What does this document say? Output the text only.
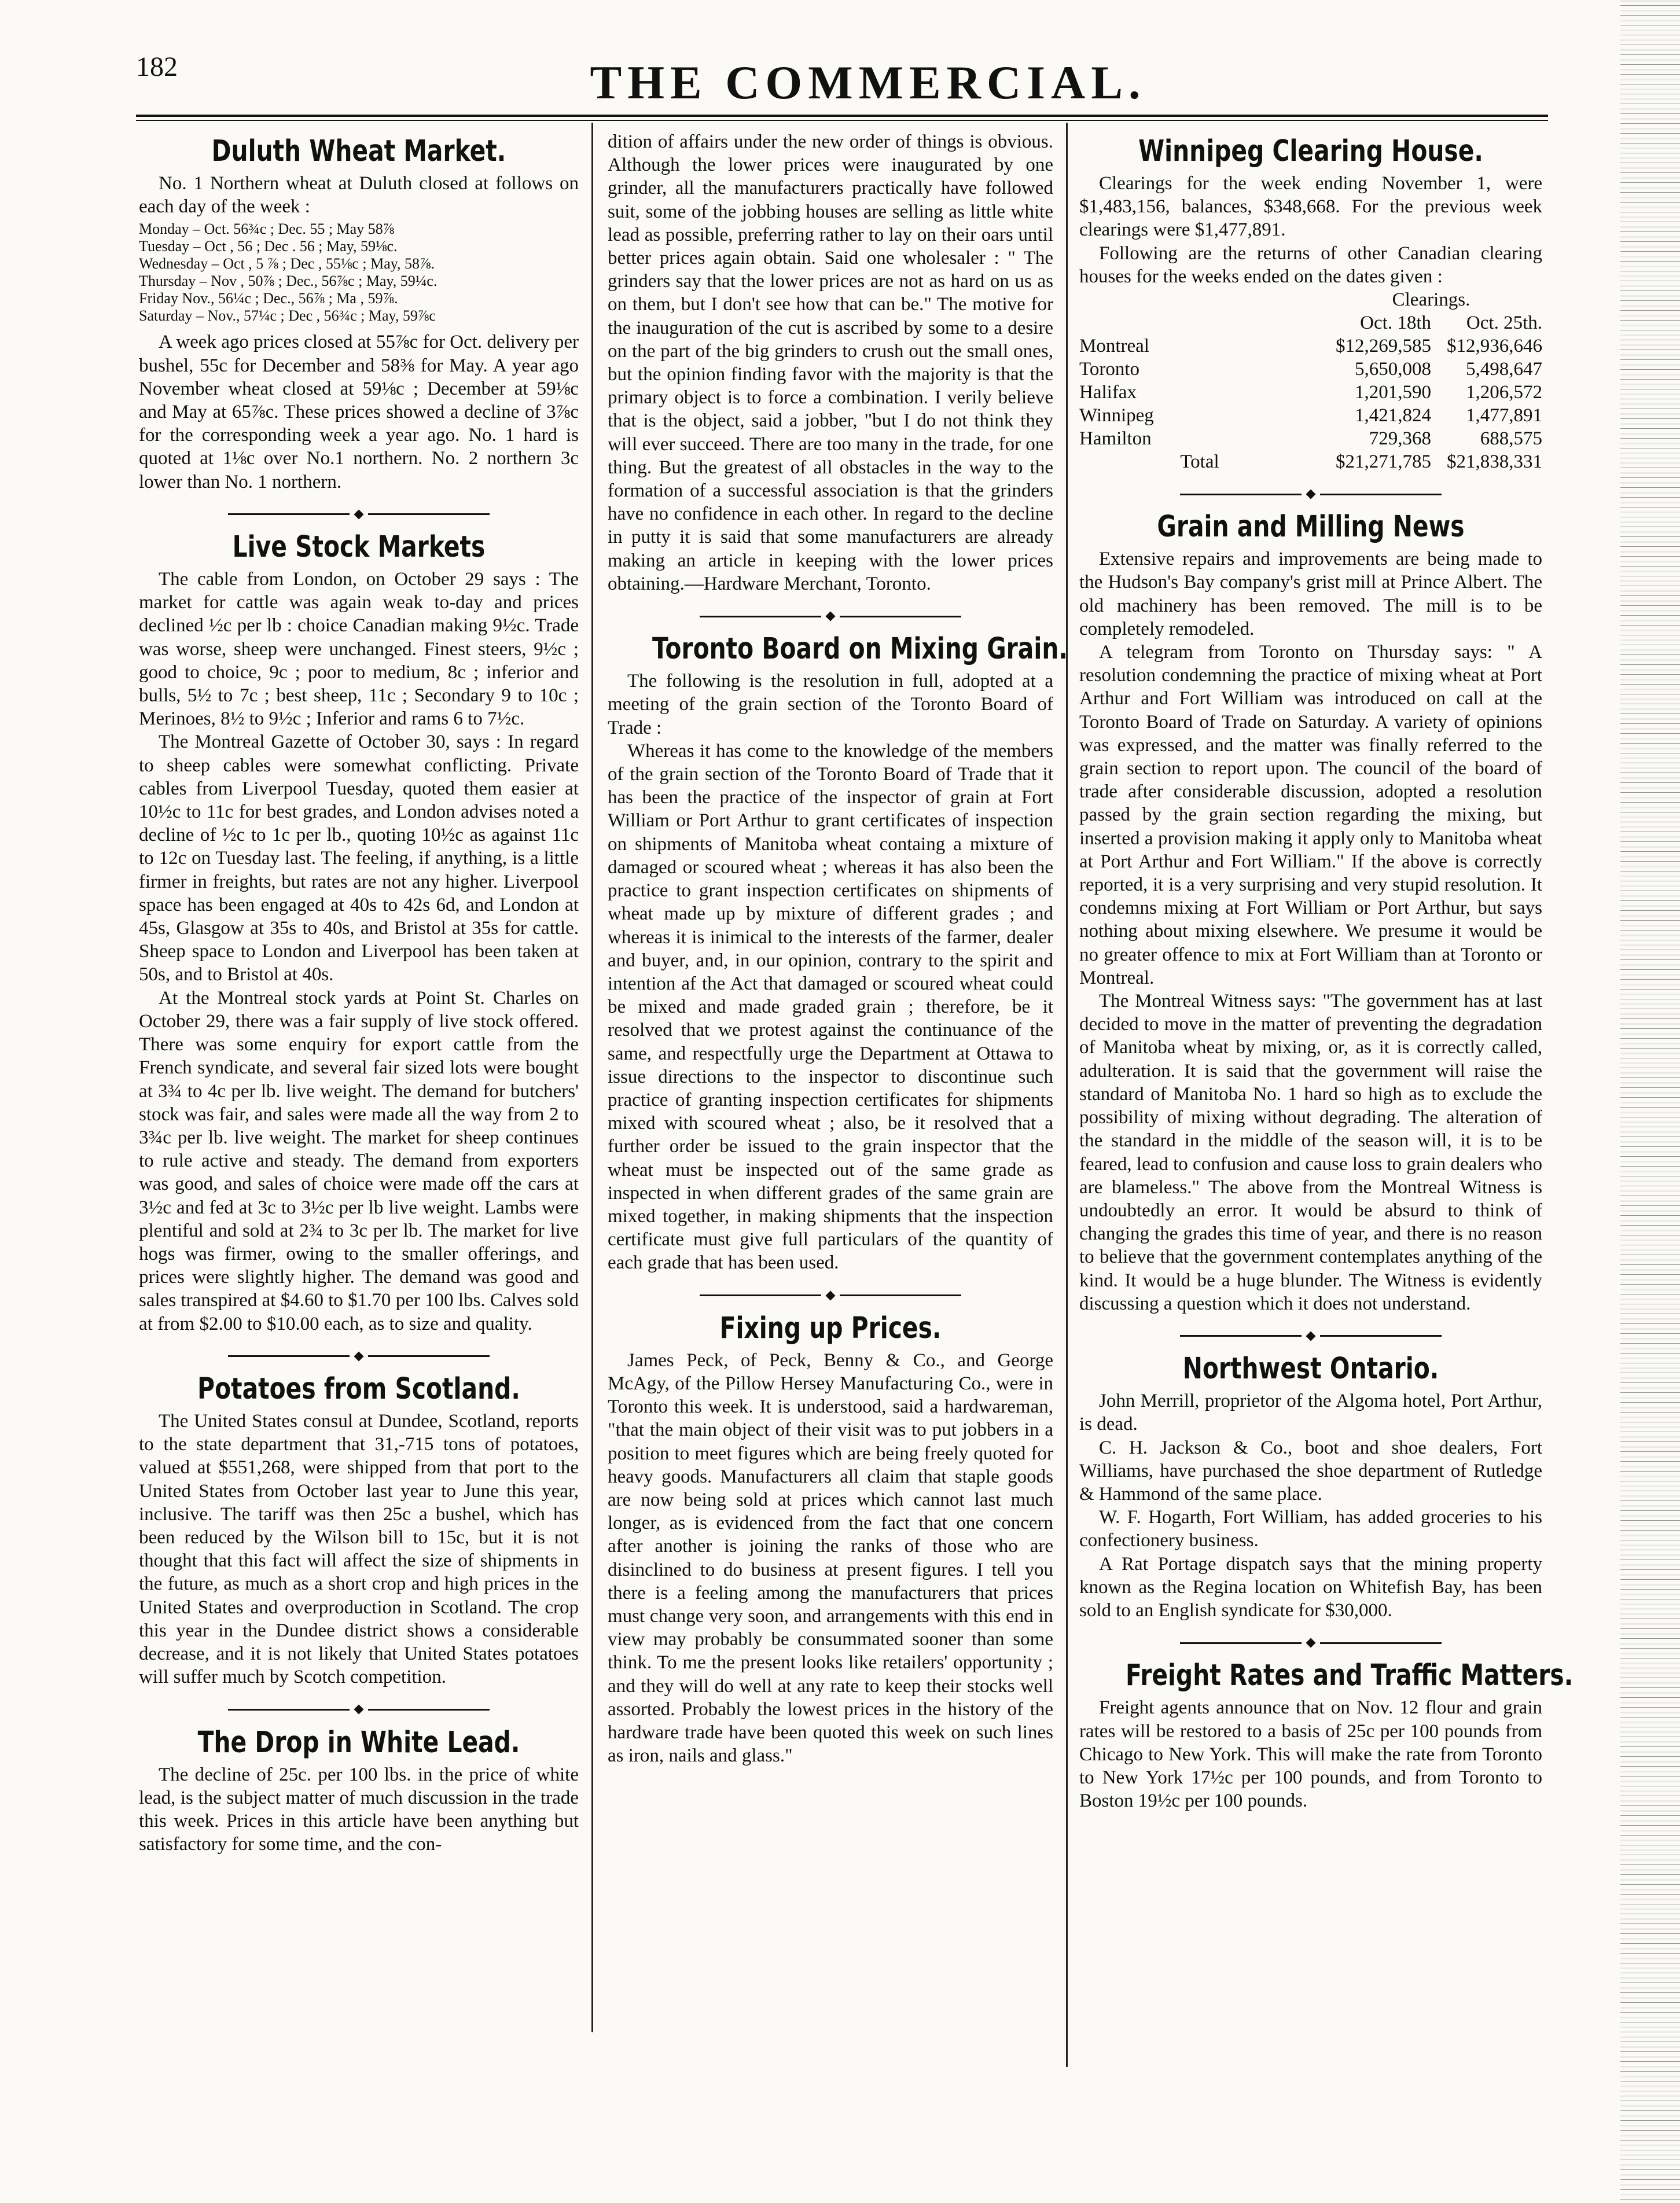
182	THE COMMERCIAL.
Duluth Wheat Market.

No. 1 Northern wheat at Duluth closed at follows on each day of the week :

Monday – Oct. 56¾c ; Dec. 55 ; May 58⅞
Tuesday – Oct , 56 ; Dec . 56 ; May, 59⅛c.
Wednesday – Oct , 5 ⅞ ; Dec , 55⅛c ; May, 58⅞.
Thursday – Nov , 50⅞ ; Dec., 56⅞c ; May, 59¼c.
Friday Nov., 56¼c ; Dec., 56⅞ ; Ma , 59⅞.
Saturday – Nov., 57¼c ; Dec , 56¾c ; May, 59⅞c

A week ago prices closed at 55⅞c for Oct. delivery per bushel, 55c for December and 58⅜ for May. A year ago November wheat closed at 59⅛c ; December at 59⅛c and May at 65⅞c. These prices showed a decline of 3⅞c for the corresponding week a year ago. No. 1 hard is quoted at 1⅛c over No.1 northern. No. 2 northern 3c lower than No. 1 northern.

Live Stock Markets

The cable from London, on October 29 says : The market for cattle was again weak to-day and prices declined ½c per lb : choice Canadian making 9½c. Trade was worse, sheep were unchanged. Finest steers, 9½c ; good to choice, 9c ; poor to medium, 8c ; inferior and bulls, 5½ to 7c ; best sheep, 11c ; Secondary 9 to 10c ; Merinoes, 8½ to 9½c ; Inferior and rams 6 to 7½c.

The Montreal Gazette of October 30, says : In regard to sheep cables were somewhat conflicting. Private cables from Liverpool Tuesday, quoted them easier at 10½c to 11c for best grades, and London advises noted a decline of ½c to 1c per lb., quoting 10½c as against 11c to 12c on Tuesday last. The feeling, if anything, is a little firmer in freights, but rates are not any higher. Liverpool space has been engaged at 40s to 42s 6d, and London at 45s, Glasgow at 35s to 40s, and Bristol at 35s for cattle. Sheep space to London and Liverpool has been taken at 50s, and to Bristol at 40s.

At the Montreal stock yards at Point St. Charles on October 29, there was a fair supply of live stock offered. There was some enquiry for export cattle from the French syndicate, and several fair sized lots were bought at 3¾ to 4c per lb. live weight. The demand for butchers' stock was fair, and sales were made all the way from 2 to 3¾c per lb. live weight. The market for sheep continues to rule active and steady. The demand from exporters was good, and sales of choice were made off the cars at 3½c and fed at 3c to 3½c per lb live weight. Lambs were plentiful and sold at 2¾ to 3c per lb. The market for live hogs was firmer, owing to the smaller offerings, and prices were slightly higher. The demand was good and sales transpired at $4.60 to $1.70 per 100 lbs. Calves sold at from $2.00 to $10.00 each, as to size and quality.

Potatoes from Scotland.

The United States consul at Dundee, Scotland, reports to the state department that 31,-715 tons of potatoes, valued at $551,268, were shipped from that port to the United States from October last year to June this year, inclusive. The tariff was then 25c a bushel, which has been reduced by the Wilson bill to 15c, but it is not thought that this fact will affect the size of shipments in the future, as much as a short crop and high prices in the United States and overproduction in Scotland. The crop this year in the Dundee district shows a considerable decrease, and it is not likely that United States potatoes will suffer much by Scotch competition.

The Drop in White Lead.

The decline of 25c. per 100 lbs. in the price of white lead, is the subject matter of much discussion in the trade this week. Prices in this article have been anything but satisfactory for some time, and the con-

dition of affairs under the new order of things is obvious. Although the lower prices were inaugurated by one grinder, all the manufacturers practically have followed suit, some of the jobbing houses are selling as little white lead as possible, preferring rather to lay on their oars until better prices again obtain. Said one wholesaler : " The grinders say that the lower prices are not as hard on us as on them, but I don't see how that can be." The motive for the inauguration of the cut is ascribed by some to a desire on the part of the big grinders to crush out the small ones, but the opinion finding favor with the majority is that the primary object is to force a combination. I verily believe that is the object, said a jobber, "but I do not think they will ever succeed. There are too many in the trade, for one thing. But the greatest of all obstacles in the way to the formation of a successful association is that the grinders have no confidence in each other. In regard to the decline in putty it is said that some manufacturers are already making an article in keeping with the lower prices obtaining.—Hardware Merchant, Toronto.

Toronto Board on Mixing Grain.

The following is the resolution in full, adopted at a meeting of the grain section of the Toronto Board of Trade :

Whereas it has come to the knowledge of the members of the grain section of the Toronto Board of Trade that it has been the practice of the inspector of grain at Fort William or Port Arthur to grant certificates of inspection on shipments of Manitoba wheat containg a mixture of damaged or scoured wheat ; whereas it has also been the practice to grant inspection certificates on shipments of wheat made up by mixture of different grades ; and whereas it is inimical to the interests of the farmer, dealer and buyer, and, in our opinion, contrary to the spirit and intention af the Act that damaged or scoured wheat could be mixed and made graded grain ; therefore, be it resolved that we protest against the continuance of the same, and respectfully urge the Department at Ottawa to issue directions to the inspector to discontinue such practice of granting inspection certificates for shipments mixed with scoured wheat ; also, be it resolved that a further order be issued to the grain inspector that the wheat must be inspected out of the same grade as inspected in when different grades of the same grain are mixed together, in making shipments that the inspection certificate must give full particulars of the quantity of each grade that has been used.

Fixing up Prices.

James Peck, of Peck, Benny & Co., and George McAgy, of the Pillow Hersey Manufacturing Co., were in Toronto this week. It is understood, said a hardwareman, "that the main object of their visit was to put jobbers in a position to meet figures which are being freely quoted for heavy goods. Manufacturers all claim that staple goods are now being sold at prices which cannot last much longer, as is evidenced from the fact that one concern after another is joining the ranks of those who are disinclined to do business at present figures. I tell you there is a feeling among the manufacturers that prices must change very soon, and arrangements with this end in view may probably be consummated sooner than some think. To me the present looks like retailers' opportunity ; and they will do well at any rate to keep their stocks well assorted. Probably the lowest prices in the history of the hardware trade have been quoted this week on such lines as iron, nails and glass."

Winnipeg Clearing House.

Clearings for the week ending November 1, were $1,483,156, balances, $348,668. For the previous week clearings were $1,477,891.

Following are the returns of other Canadian clearing houses for the weeks ended on the dates given :

	Clearings.	
	Oct. 18th	Oct. 25th.
Montreal	$12,269,585	$12,936,646
Toronto	5,650,008	5,498,647
Halifax	1,201,590	1,206,572
Winnipeg	1,421,824	1,477,891
Hamilton	729,368	688,575
Total	$21,271,785	$21,838,331
Grain and Milling News

Extensive repairs and improvements are being made to the Hudson's Bay company's grist mill at Prince Albert. The old machinery has been removed. The mill is to be completely remodeled.

A telegram from Toronto on Thursday says: " A resolution condemning the practice of mixing wheat at Port Arthur and Fort William was introduced on call at the Toronto Board of Trade on Saturday. A variety of opinions was expressed, and the matter was finally referred to the grain section to report upon. The council of the board of trade after considerable discussion, adopted a resolution passed by the grain section regarding the mixing, but inserted a provision making it apply only to Manitoba wheat at Port Arthur and Fort William." If the above is correctly reported, it is a very surprising and very stupid resolution. It condemns mixing at Fort William or Port Arthur, but says nothing about mixing elsewhere. We presume it would be no greater offence to mix at Fort William than at Toronto or Montreal.

The Montreal Witness says: "The government has at last decided to move in the matter of preventing the degradation of Manitoba wheat by mixing, or, as it is correctly called, adulteration. It is said that the government will raise the standard of Manitoba No. 1 hard so high as to exclude the possibility of mixing without degrading. The alteration of the standard in the middle of the season will, it is to be feared, lead to confusion and cause loss to grain dealers who are blameless." The above from the Montreal Witness is undoubtedly an error. It would be absurd to think of changing the grades this time of year, and there is no reason to believe that the government contemplates anything of the kind. It would be a huge blunder. The Witness is evidently discussing a question which it does not understand.

Northwest Ontario.

John Merrill, proprietor of the Algoma hotel, Port Arthur, is dead.

C. H. Jackson & Co., boot and shoe dealers, Fort Williams, have purchased the shoe department of Rutledge & Hammond of the same place.

W. F. Hogarth, Fort William, has added groceries to his confectionery business.

A Rat Portage dispatch says that the mining property known as the Regina location on Whitefish Bay, has been sold to an English syndicate for $30,000.

Freight Rates and Traffic Matters.

Freight agents announce that on Nov. 12 flour and grain rates will be restored to a basis of 25c per 100 pounds from Chicago to New York. This will make the rate from Toronto to New York 17½c per 100 pounds, and from Toronto to Boston 19½c per 100 pounds.
